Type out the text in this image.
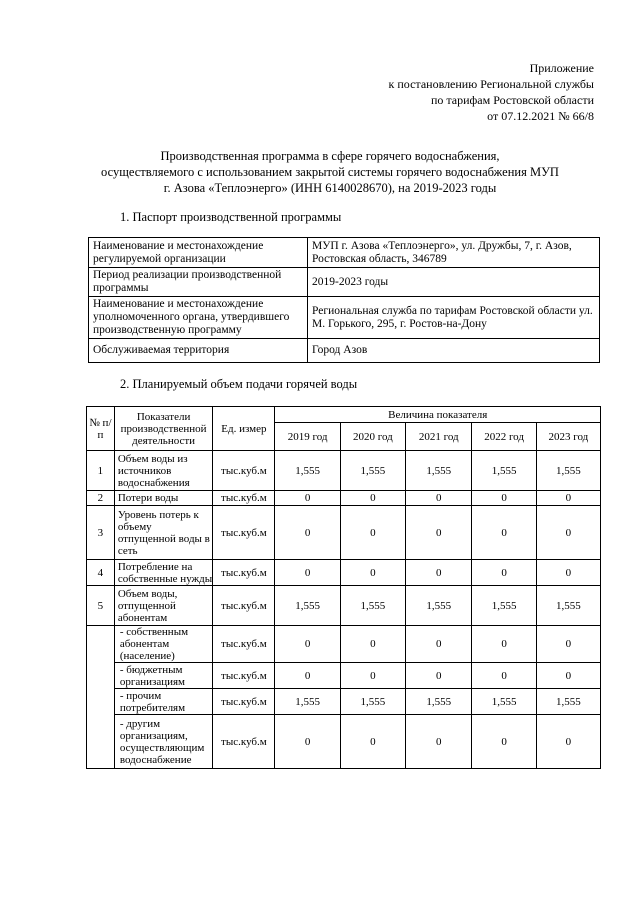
Приложение
к постановлению Региональной службы
по тарифам Ростовской области
от 07.12.2021 № 66/8
Производственная программа в сфере горячего водоснабжения,
осуществляемого с использованием закрытой системы горячего водоснабжения МУП
г. Азова «Теплоэнерго» (ИНН 6140028670), на 2019-2023 годы
1. Паспорт производственной программы
Наименование и местонахождение регулируемой организации	МУП г. Азова «Теплоэнерго», ул. Дружбы, 7, г. Азов, Ростовская область, 346789
Период реализации производственной программы	2019-2023 годы
Наименование и местонахождение уполномоченного органа, утвердившего производственную программу	Региональная служба по тарифам Ростовской области ул. М. Горького, 295, г. Ростов-на-Дону
Обслуживаемая территория	Город Азов
2. Планируемый объем подачи горячей воды
№ п/п	Показатели производственной деятельности	Ед. измер	Величина показателя				
			2019 год	2020 год	2021 год	2022 год	2023 год
1	Объем воды из источников водоснабжения	тыс.куб.м	1,555	1,555	1,555	1,555	1,555
2	Потери воды	тыс.куб.м	0	0	0	0	0
3	Уровень потерь к объему отпущенной воды в сеть	тыс.куб.м	0	0	0	0	0
4	Потребление на собственные нужды	тыс.куб.м	0	0	0	0	0
5	Объем воды, отпущенной абонентам	тыс.куб.м	1,555	1,555	1,555	1,555	1,555
	- собственным абонентам (население)	тыс.куб.м	0	0	0	0	0
	- бюджетным организациям	тыс.куб.м	0	0	0	0	0
	- прочим потребителям	тыс.куб.м	1,555	1,555	1,555	1,555	1,555
	- другим организациям, осуществляющим водоснабжение	тыс.куб.м	0	0	0	0	0
